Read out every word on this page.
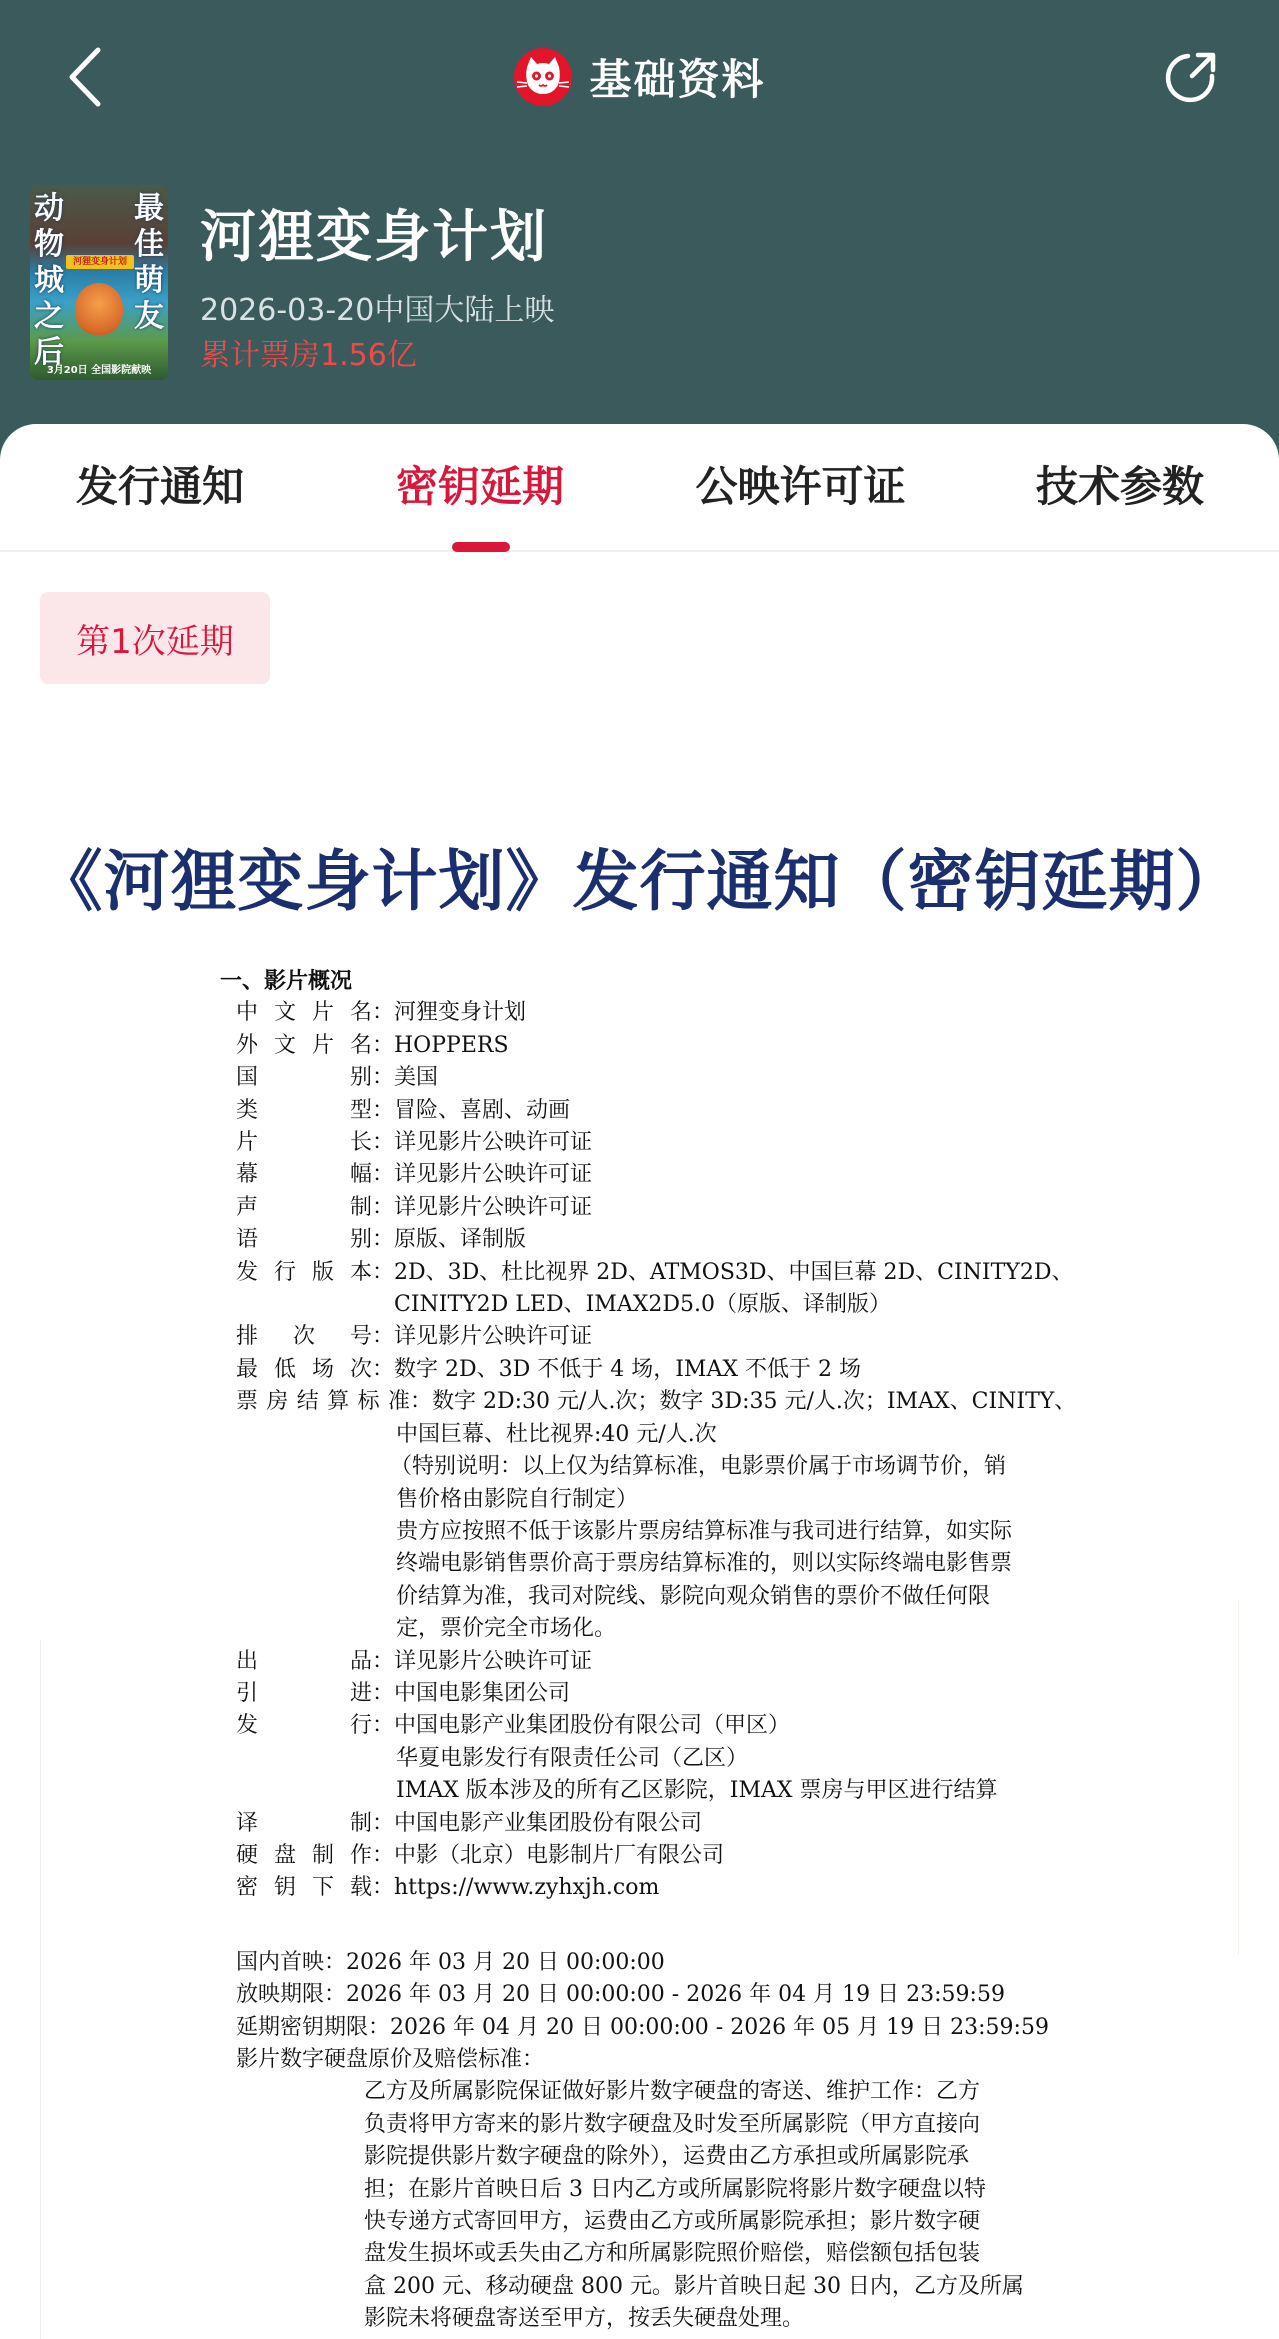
基础资料
动
物
城
之
后
最
佳
萌
友
河狸变身计划
3月20日 全国影院献映
河狸变身计划
2026-03-20中国大陆上映
累计票房1.56亿
发行通知	密钥延期	公映许可证	技术参数
第1次延期
《河狸变身计划》发行通知（密钥延期）
一、影片概况
中文片名 ： 河狸变身计划
外文片名 ： HOPPERS
国别 ： 美国
类型 ： 冒险、喜剧、动画
片长 ： 详见影片公映许可证
幕幅 ： 详见影片公映许可证
声制 ： 详见影片公映许可证
语别 ： 原版、译制版
发行版本 ： 2D、3D、杜比视界 2D、ATMOS3D、中国巨幕 2D、CINITY2D、
CINITY2D LED、IMAX2D5.0（原版、译制版）
排 次 号 ： 详见影片公映许可证
最低场次 ： 数字 2D、3D 不低于 4 场，IMAX 不低于 2 场
票房结算标准 ： 数字 2D:30 元/人.次；数字 3D:35 元/人.次；IMAX、CINITY、
中国巨幕、杜比视界:40 元/人.次
（特别说明：以上仅为结算标准，电影票价属于市场调节价，销
售价格由影院自行制定）
贵方应按照不低于该影片票房结算标准与我司进行结算，如实际
终端电影销售票价高于票房结算标准的，则以实际终端电影售票
价结算为准，我司对院线、影院向观众销售的票价不做任何限
定，票价完全市场化。
出品 ： 详见影片公映许可证
引进 ： 中国电影集团公司
发行 ： 中国电影产业集团股份有限公司（甲区）
华夏电影发行有限责任公司（乙区）
IMAX 版本涉及的所有乙区影院，IMAX 票房与甲区进行结算
译制 ： 中国电影产业集团股份有限公司
硬盘制作 ： 中影（北京）电影制片厂有限公司
密钥下载 ： https://www.zyhxjh.com
国内首映 ： 2026 年 03 月 20 日 00:00:00
放映期限 ： 2026 年 03 月 20 日 00:00:00 - 2026 年 04 月 19 日 23:59:59
延期密钥期限 ： 2026 年 04 月 20 日 00:00:00 - 2026 年 05 月 19 日 23:59:59
影片数字硬盘原价及赔偿标准 ：
乙方及所属影院保证做好影片数字硬盘的寄送、维护工作：乙方
负责将甲方寄来的影片数字硬盘及时发至所属影院（甲方直接向
影院提供影片数字硬盘的除外），运费由乙方承担或所属影院承
担；在影片首映日后 3 日内乙方或所属影院将影片数字硬盘以特
快专递方式寄回甲方，运费由乙方或所属影院承担；影片数字硬
盘发生损坏或丢失由乙方和所属影院照价赔偿，赔偿额包括包装
盒 200 元、移动硬盘 800 元。影片首映日起 30 日内，乙方及所属
影院未将硬盘寄送至甲方，按丢失硬盘处理。
